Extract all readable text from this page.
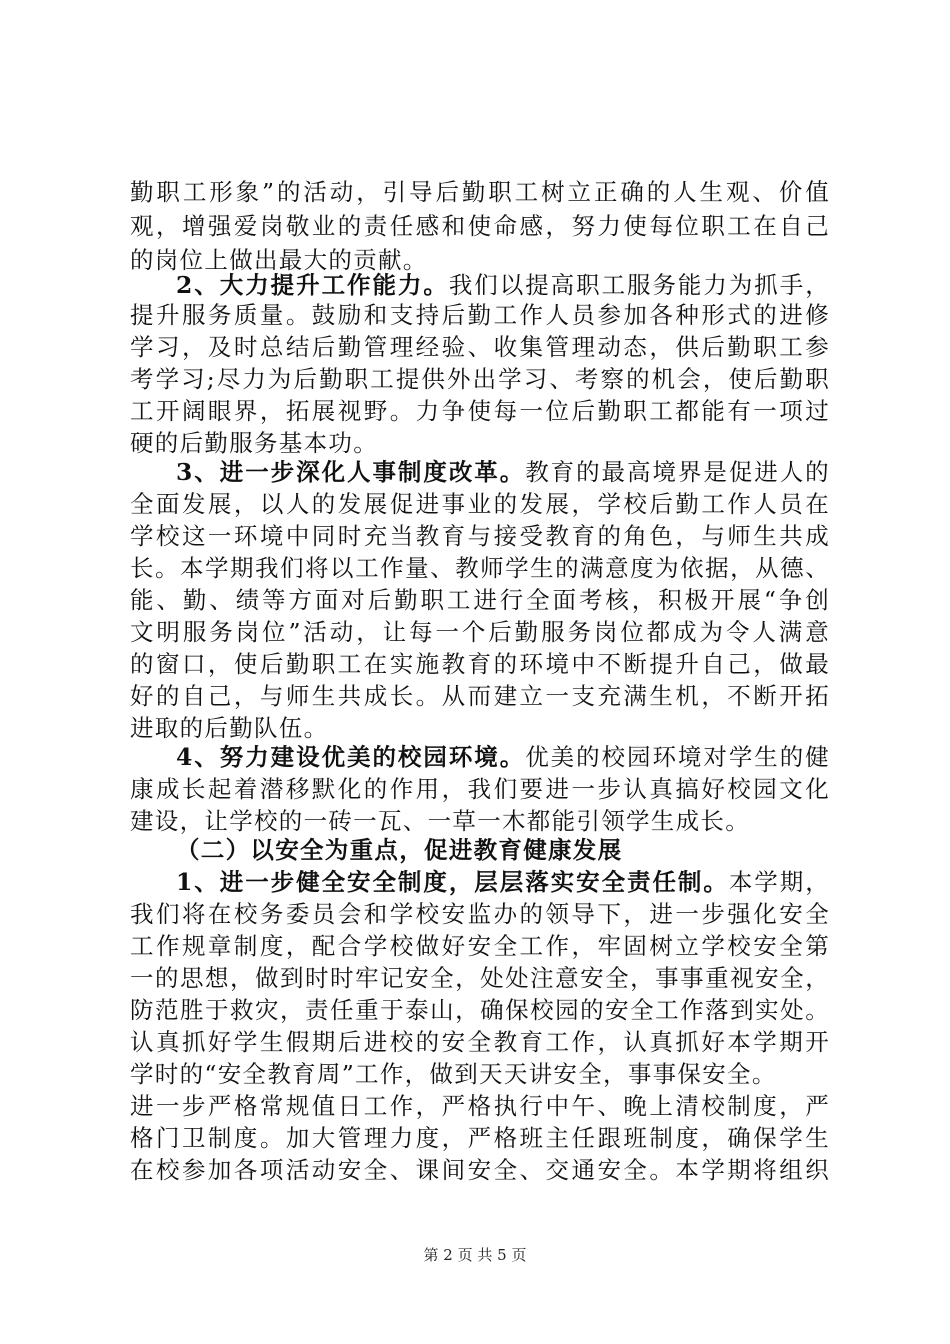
勤职工形象”的活动，引导后勤职工树立正确的人生观、价值
观，增强爱岗敬业的责任感和使命感，努力使每位职工在自己
的岗位上做出最大的贡献。
2、大力提升工作能力。我们以提高职工服务能力为抓手，
提升服务质量。鼓励和支持后勤工作人员参加各种形式的进修
学习，及时总结后勤管理经验、收集管理动态，供后勤职工参
考学习;尽力为后勤职工提供外出学习、考察的机会，使后勤职
工开阔眼界，拓展视野。力争使每一位后勤职工都能有一项过
硬的后勤服务基本功。
3、进一步深化人事制度改革。教育的最高境界是促进人的
全面发展，以人的发展促进事业的发展，学校后勤工作人员在
学校这一环境中同时充当教育与接受教育的角色，与师生共成
长。本学期我们将以工作量、教师学生的满意度为依据，从德、
能、勤、绩等方面对后勤职工进行全面考核，积极开展“争创
文明服务岗位”活动，让每一个后勤服务岗位都成为令人满意
的窗口，使后勤职工在实施教育的环境中不断提升自己，做最
好的自己，与师生共成长。从而建立一支充满生机，不断开拓
进取的后勤队伍。
4、努力建设优美的校园环境。优美的校园环境对学生的健
康成长起着潜移默化的作用，我们要进一步认真搞好校园文化
建设，让学校的一砖一瓦、一草一木都能引领学生成长。
（二）以安全为重点，促进教育健康发展
1、进一步健全安全制度，层层落实安全责任制。本学期，
我们将在校务委员会和学校安监办的领导下，进一步强化安全
工作规章制度，配合学校做好安全工作，牢固树立学校安全第
一的思想，做到时时牢记安全，处处注意安全，事事重视安全，
防范胜于救灾，责任重于泰山，确保校园的安全工作落到实处。
认真抓好学生假期后进校的安全教育工作，认真抓好本学期开
学时的“安全教育周”工作，做到天天讲安全，事事保安全。
进一步严格常规值日工作，严格执行中午、晚上清校制度，严
格门卫制度。加大管理力度，严格班主任跟班制度，确保学生
在校参加各项活动安全、课间安全、交通安全。本学期将组织
第 2 页 共 5 页
